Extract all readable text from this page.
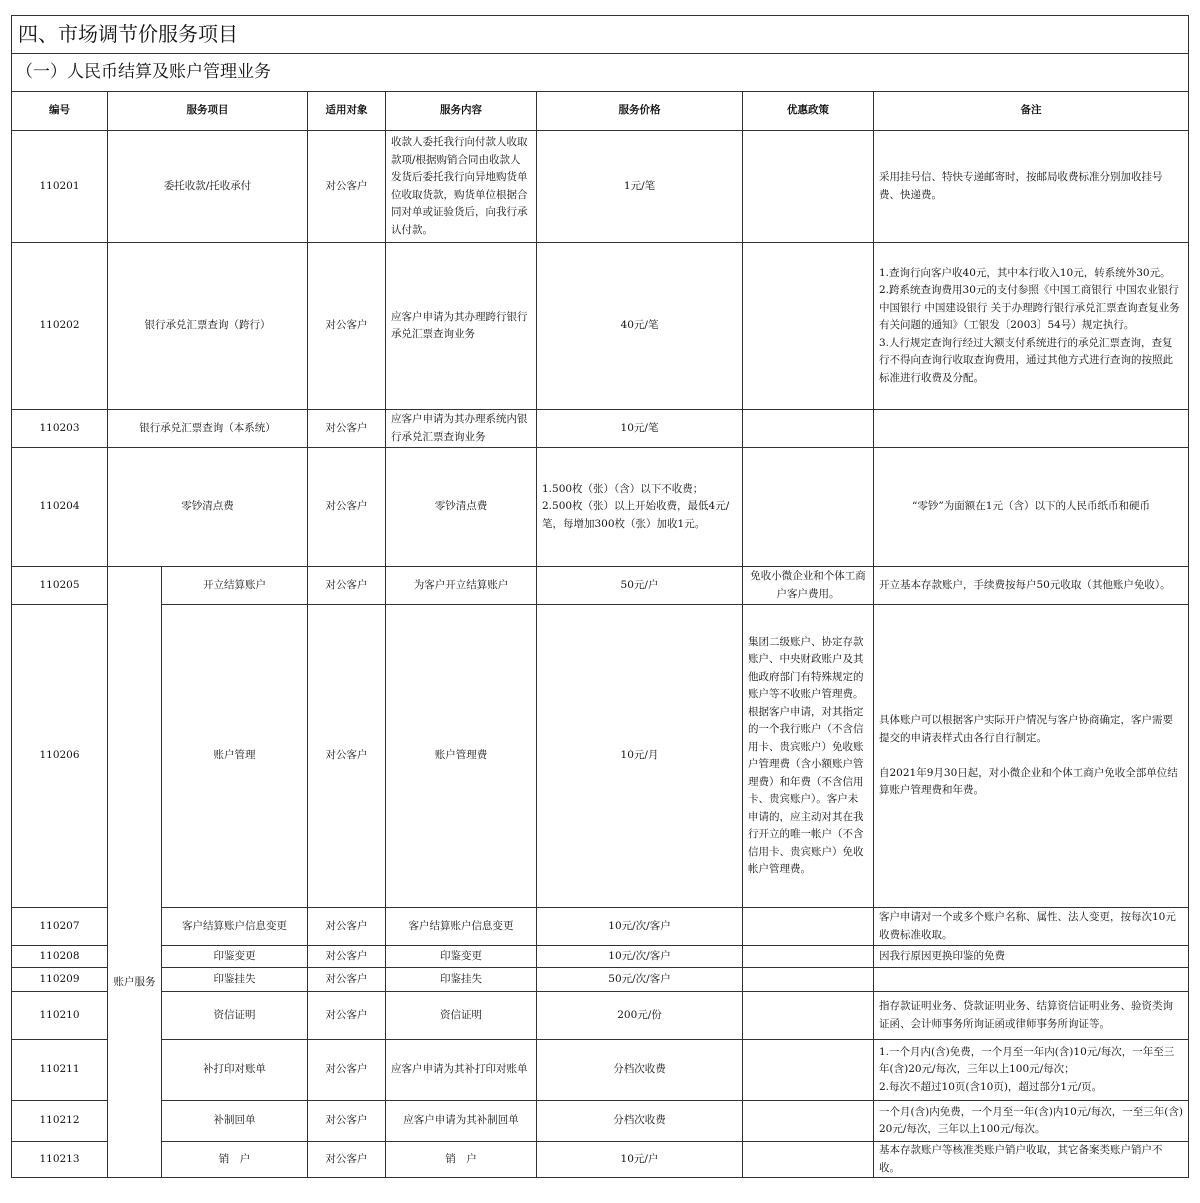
四、市场调节价服务项目							
（一）人民币结算及账户管理业务							
编号	服务项目		适用对象	服务内容	服务价格	优惠政策	备注
110201	委托收款/托收承付		对公客户	收款人委托我行向付款人收取款项/根据购销合同由收款人发货后委托我行向异地购货单位收取货款，购货单位根据合同对单或证验货后，向我行承认付款。	1元/笔		采用挂号信、特快专递邮寄时，按邮局收费标准分别加收挂号费、快递费。
110202	银行承兑汇票查询（跨行）		对公客户	应客户申请为其办理跨行银行承兑汇票查询业务	40元/笔		1.查询行向客户收40元，其中本行收入10元，转系统外30元。
2.跨系统查询费用30元的支付参照《中国工商银行 中国农业银行 中国银行 中国建设银行 关于办理跨行银行承兑汇票查询查复业务有关问题的通知》（工银发〔2003〕54号）规定执行。
3.人行规定查询行经过大额支付系统进行的承兑汇票查询，查复行不得向查询行收取查询费用，通过其他方式进行查询的按照此标准进行收费及分配。
110203	银行承兑汇票查询（本系统）		对公客户	应客户申请为其办理系统内银行承兑汇票查询业务	10元/笔		
110204	零钞清点费		对公客户	零钞清点费	1.500枚（张）（含）以下不收费；
2.500枚（张）以上开始收费，最低4元/笔，每增加300枚（张）加收1元。		“零钞”为面额在1元（含）以下的人民币纸币和硬币
110205	账户服务	开立结算账户	对公客户	为客户开立结算账户	50元/户	免收小微企业和个体工商户客户费用。	开立基本存款账户，手续费按每户50元收取（其他账户免收）。
110206		账户管理	对公客户	账户管理费	10元/月	集团二级账户、协定存款账户、中央财政账户及其他政府部门有特殊规定的账户等不收账户管理费。
根据客户申请，对其指定的一个我行账户（不含信用卡、贵宾账户）免收账户管理费（含小额账户管理费）和年费（不含信用卡、贵宾账户）。客户未申请的，应主动对其在我行开立的唯一帐户（不含信用卡、贵宾账户）免收帐户管理费。	具体账户可以根据客户实际开户情况与客户协商确定，客户需要提交的申请表样式由各行自行制定。

自2021年9月30日起，对小微企业和个体工商户免收全部单位结算账户管理费和年费。
110207		客户结算账户信息变更	对公客户	客户结算账户信息变更	10元/次/客户		客户申请对一个或多个账户名称、属性、法人变更，按每次10元收费标准收取。
110208		印鉴变更	对公客户	印鉴变更	10元/次/客户		因我行原因更换印鉴的免费
110209		印鉴挂失	对公客户	印鉴挂失	50元/次/客户		
110210		资信证明	对公客户	资信证明	200元/份		指存款证明业务、贷款证明业务、结算资信证明业务、验资类询证函、会计师事务所询证函或律师事务所询证等。
110211		补打印对账单	对公客户	应客户申请为其补打印对账单	分档次收费		1.一个月内(含)免费，一个月至一年内(含)10元/每次，一年至三年(含)20元/每次，三年以上100元/每次；
2.每次不超过10页(含10页)，超过部分1元/页。
110212		补制回单	对公客户	应客户申请为其补制回单	分档次收费		一个月(含)内免费，一个月至一年(含)内10元/每次，一至三年(含)20元/每次，三年以上100元/每次。
110213		销　户	对公客户	销　户	10元/户		基本存款账户等核准类账户销户收取，其它备案类账户销户不收。
